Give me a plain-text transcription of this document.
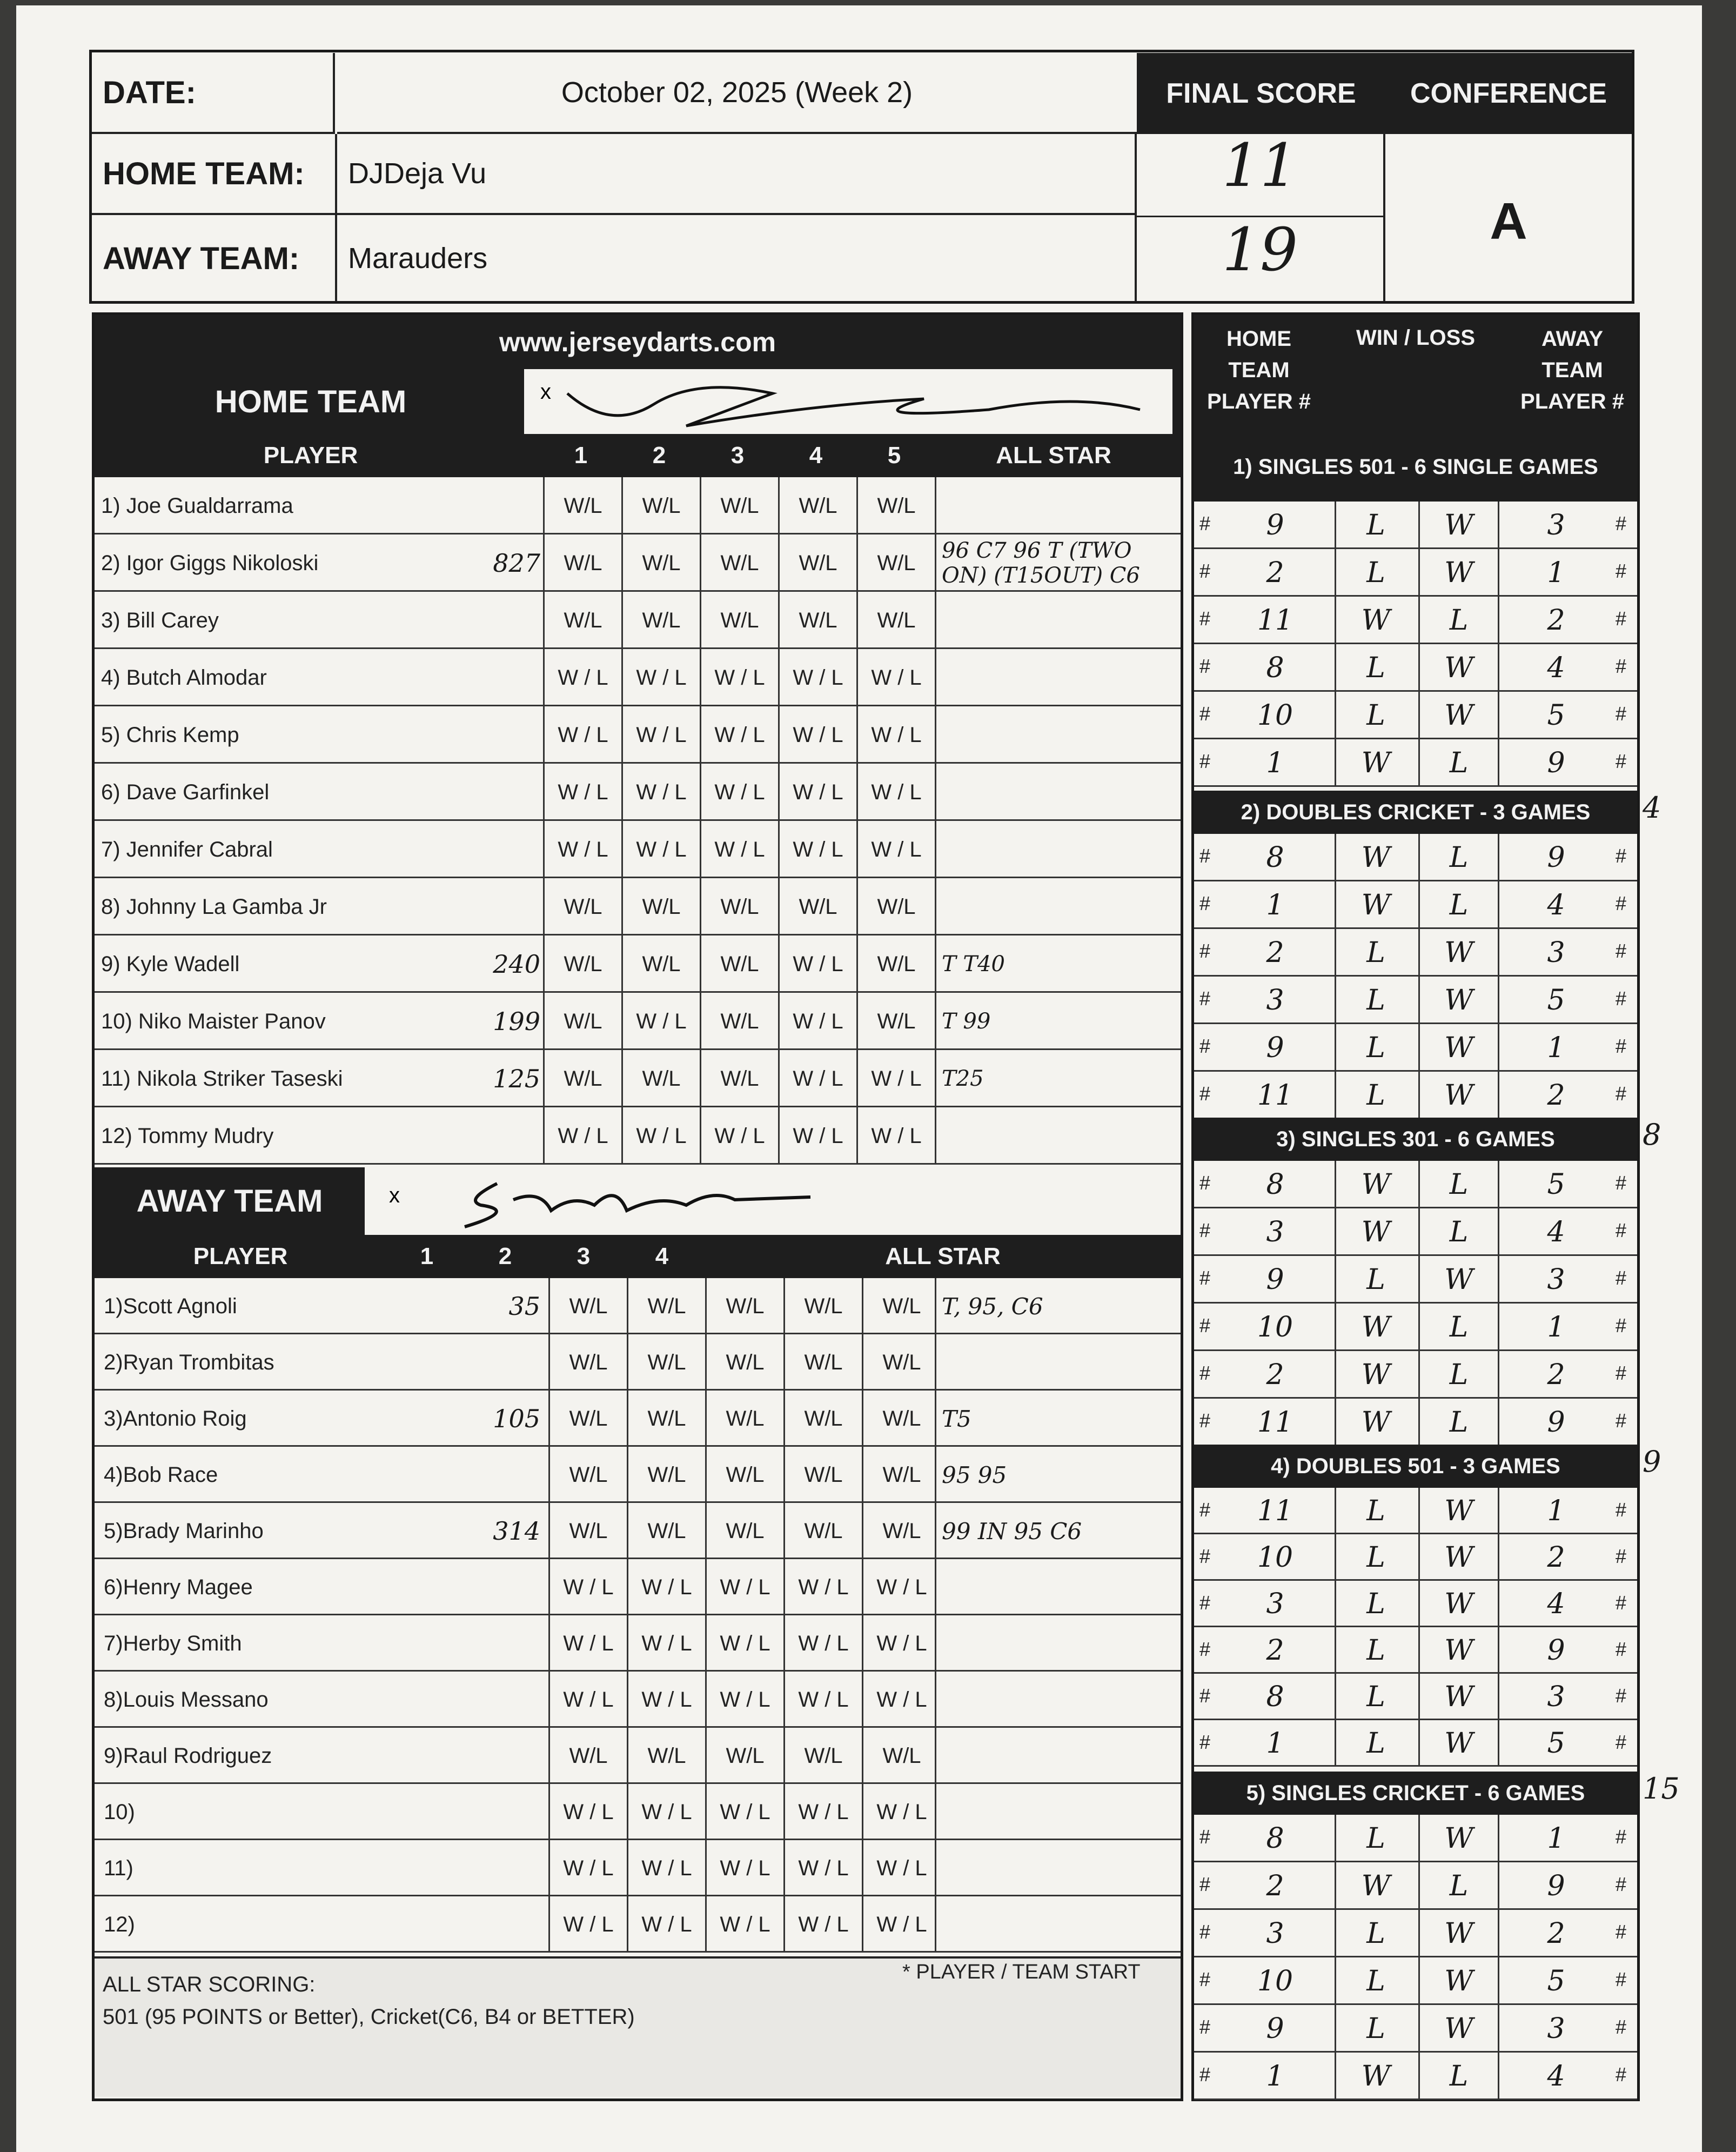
DATE:	October 02, 2025 (Week 2)	FINAL SCORE	CONFERENCE
HOME TEAM:	DJDeja Vu	11
AWAY TEAM:	Marauders	19	A
www.jerseydarts.com
HOME TEAM	x
PLAYER	1	2	3	4	5	ALL STAR
1) Joe Gualdarrama	W/L	W/L	W/L	W/L	W/L
2) Igor Giggs Nikoloski	827	W/L	W/L	W/L	W/L	W/L	96 C7 96 T (TWO ON) (T15OUT) C6
3) Bill Carey	W/L	W/L	W/L	W/L	W/L
4) Butch Almodar	W / L	W / L	W / L	W / L	W / L
5) Chris Kemp	W / L	W / L	W / L	W / L	W / L
6) Dave Garfinkel	W / L	W / L	W / L	W / L	W / L
7) Jennifer Cabral	W / L	W / L	W / L	W / L	W / L
8) Johnny La Gamba Jr	W/L	W/L	W/L	W/L	W/L
9) Kyle Wadell	240	W/L	W/L	W/L	W / L	W/L	T T40
10) Niko Maister Panov	199	W/L	W / L	W/L	W / L	W/L	T 99
11) Nikola Striker Taseski	125	W/L	W/L	W/L	W / L	W / L T25
12) Tommy Mudry	W / L	W / L	W / L	W / L	W / L
AWAY TEAM	x
PLAYER	1	2	3	4	ALL STAR
1)Scott Agnoli	35	W/L	W/L	W/L	W/L	W/L T, 95, C6
2)Ryan Trombitas	W/L	W/L	W/L	W/L	W/L
3)Antonio Roig	105	W/L	W/L	W/L	W/L	W/L T5
4)Bob Race	W/L	W/L	W/L	W/L	W/L 95 95
5)Brady Marinho	314	W/L	W/L	W/L	W/L	W/L 99 IN 95 C6
6)Henry Magee	W / L	W / L	W / L	W / L	W / L
7)Herby Smith	W / L	W / L	W / L	W / L	W / L
8)Louis Messano	W / L	W / L	W / L	W / L	W / L
9)Raul Rodriguez	W/L	W/L	W/L	W/L	W/L
10)	W / L	W / L	W / L	W / L	W / L
11)	W / L	W / L	W / L	W / L	W / L
12)	W / L	W / L	W / L	W / L	W / L
ALL STAR SCORING:
501 (95 POINTS or Better), Cricket(C6, B4 or BETTER)
* PLAYER / TEAM START
HOME TEAM PLAYER #
WIN / LOSS	AWAY TEAM PLAYER #
1) SINGLES 501 - 6 SINGLE GAMES
#	9	L	W	3	#
#	2	L	W	1	#
#	11	W	L	2	#
#	8	L	W	4	#
#	10	L	W	5	#
#	1	W	L	9	#
2) DOUBLES CRICKET - 3 GAMES	4
#	8	W	L	9	#
#	1	W	L	4	#
#	2	L	W	3	#
#	3	L	W	5	#
#	9	L	W	1	#
#	11	L	W	2	#
3) SINGLES 301 - 6 GAMES	8
#	8	W	L	5	#
#	3	W	L	4	#
#	9	L	W	3	#
#	10	W	L	1	#
#	2	W	L	2	#
#	11	W	L	9	#
4) DOUBLES 501 - 3 GAMES	9
#	11	L	W	1	#
#	10	L	W	2	#
#	3	L	W	4	#
#	2	L	W	9	#
#	8	L	W	3	#
#	1	L	W	5	#
5) SINGLES CRICKET - 6 GAMES	15
#	8	L	W	1	#
#	2	W	L	9	#
#	3	L	W	2	#
#	10	L	W	5	#
#	9	L	W	3	#
#	1	W	L	4	#
